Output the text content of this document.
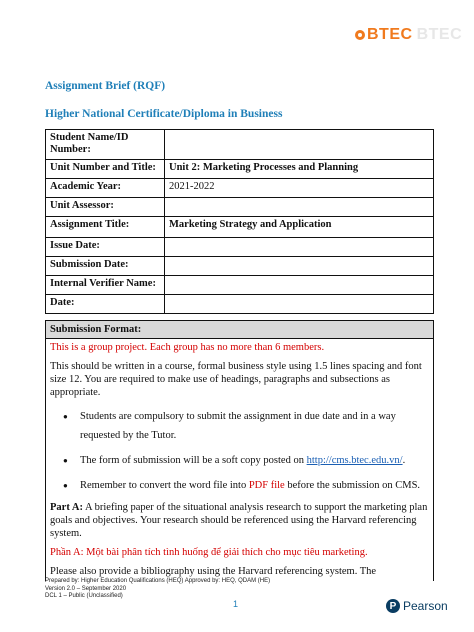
BTEC BTEC
Assignment Brief (RQF)
Higher National Certificate/Diploma in Business
Student Name/ID Number:	
Unit Number and Title:	Unit 2: Marketing Processes and Planning
Academic Year:	2021-2022
Unit Assessor:	
Assignment Title:	Marketing Strategy and Application
Issue Date:	
Submission Date:	
Internal Verifier Name:	
Date:	
Submission Format:

This is a group project. Each group has no more than 6 members.

This should be written in a course, formal business style using 1.5 lines spacing and font size 12. You are required to make use of headings, paragraphs and subsections as appropriate.

● Students are compulsory to submit the assignment in due date and in a way requested by the Tutor.
● The form of submission will be a soft copy posted on http://cms.btec.edu.vn/.
● Remember to convert the word file into PDF file before the submission on CMS.

Part A: A briefing paper of the situational analysis research to support the marketing plan goals and objectives. Your research should be referenced using the Harvard referencing system.

Phần A: Một bài phân tích tình huống để giải thích cho mục tiêu marketing.

Please also provide a bibliography using the Harvard referencing system. The

Prepared by: Higher Education Qualifications (HEQ) Approved by: HEQ, QDAM (HE)
Version 2.0 – September 2020
DCL 1 – Public (Unclassified)
1	P Pearson
